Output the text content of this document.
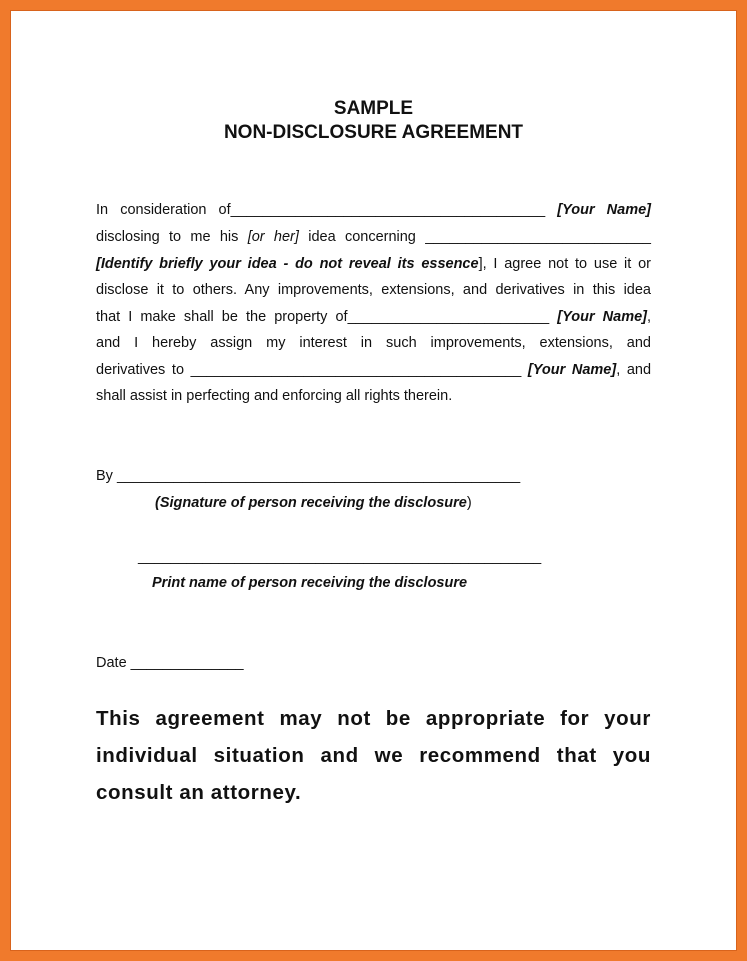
SAMPLE
NON-DISCLOSURE AGREEMENT
In consideration of_______________________________________ [Your Name]
disclosing to me his [or her] idea concerning ____________________________
[Identify briefly your idea - do not reveal its essence], I agree not to use it or
disclose it to others. Any improvements, extensions, and derivatives in this idea
that I make shall be the property of_________________________ [Your Name],
and I hereby assign my interest in such improvements, extensions, and
derivatives to _________________________________________ [Your Name], and
shall assist in perfecting and enforcing all rights therein.
By __________________________________________________
(Signature of person receiving the disclosure)
__________________________________________________
Print name of person receiving the disclosure
Date ______________
This agreement may not be appropriate for your
individual situation and we recommend that you
consult an attorney.
